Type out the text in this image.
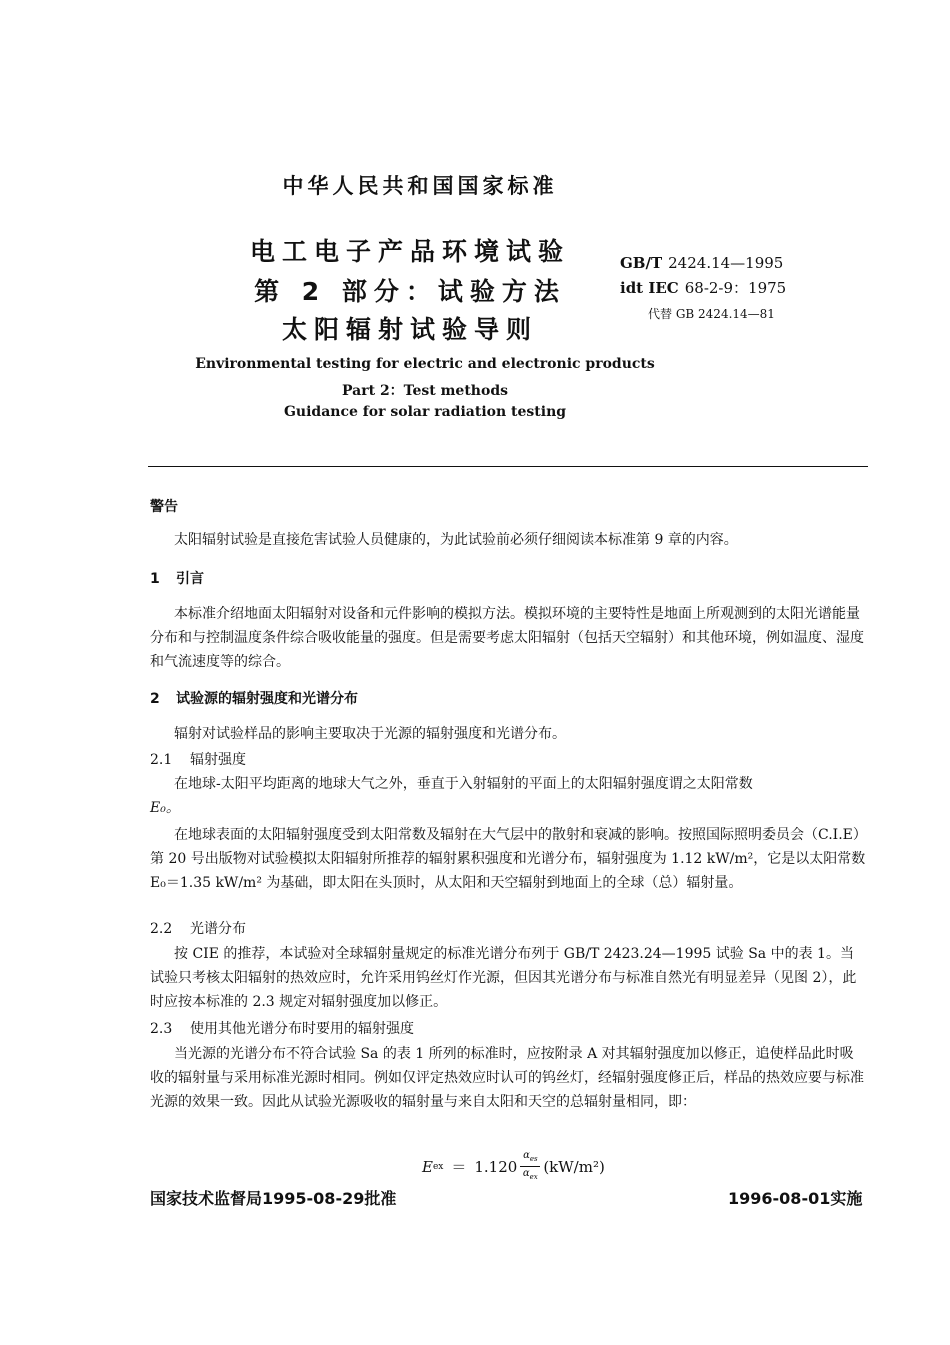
中华人民共和国国家标准
电工电子产品环境试验
第 2 部分：试验方法
太阳辐射试验导则
GB/T 2424.14—1995
idt IEC 68-2-9：1975
代替 GB 2424.14—81
Environmental testing for electric and electronic products
Part 2：Test methods
Guidance for solar radiation testing
警告
太阳辐射试验是直接危害试验人员健康的，为此试验前必须仔细阅读本标准第 9 章的内容。
1 引言
本标准介绍地面太阳辐射对设备和元件影响的模拟方法。模拟环境的主要特性是地面上所观测到的太阳光谱能量分布和与控制温度条件综合吸收能量的强度。但是需要考虑太阳辐射（包括天空辐射）和其他环境，例如温度、湿度和气流速度等的综合。
2 试验源的辐射强度和光谱分布
辐射对试验样品的影响主要取决于光源的辐射强度和光谱分布。
2.1 辐射强度
在地球-太阳平均距离的地球大气之外，垂直于入射辐射的平面上的太阳辐射强度谓之太阳常数
E₀。
在地球表面的太阳辐射强度受到太阳常数及辐射在大气层中的散射和衰减的影响。按照国际照明委员会（C.I.E）第 20 号出版物对试验模拟太阳辐射所推荐的辐射累积强度和光谱分布，辐射强度为 1.12 kW/m²，它是以太阳常数 E₀＝1.35 kW/m² 为基础，即太阳在头顶时，从太阳和天空辐射到地面上的全球（总）辐射量。
2.2 光谱分布
按 CIE 的推荐，本试验对全球辐射量规定的标准光谱分布列于 GB/T 2423.24—1995 试验 Sa 中的表 1。当试验只考核太阳辐射的热效应时，允许采用钨丝灯作光源，但因其光谱分布与标准自然光有明显差异（见图 2），此时应按本标准的 2.3 规定对辐射强度加以修正。
2.3 使用其他光谱分布时要用的辐射强度
当光源的光谱分布不符合试验 Sa 的表 1 所列的标准时，应按附录 A 对其辐射强度加以修正，追使样品此时吸收的辐射量与采用标准光源时相同。例如仅评定热效应时认可的钨丝灯，经辐射强度修正后，样品的热效应要与标准光源的效果一致。因此从试验光源吸收的辐射量与来自太阳和天空的总辐射量相同，即：
E ex ＝ $1.120 \frac{\alpha_{es}}{\alpha_{ex}} (kW/m^2)$
国家技术监督局1995-08-29批准	1996-08-01实施
